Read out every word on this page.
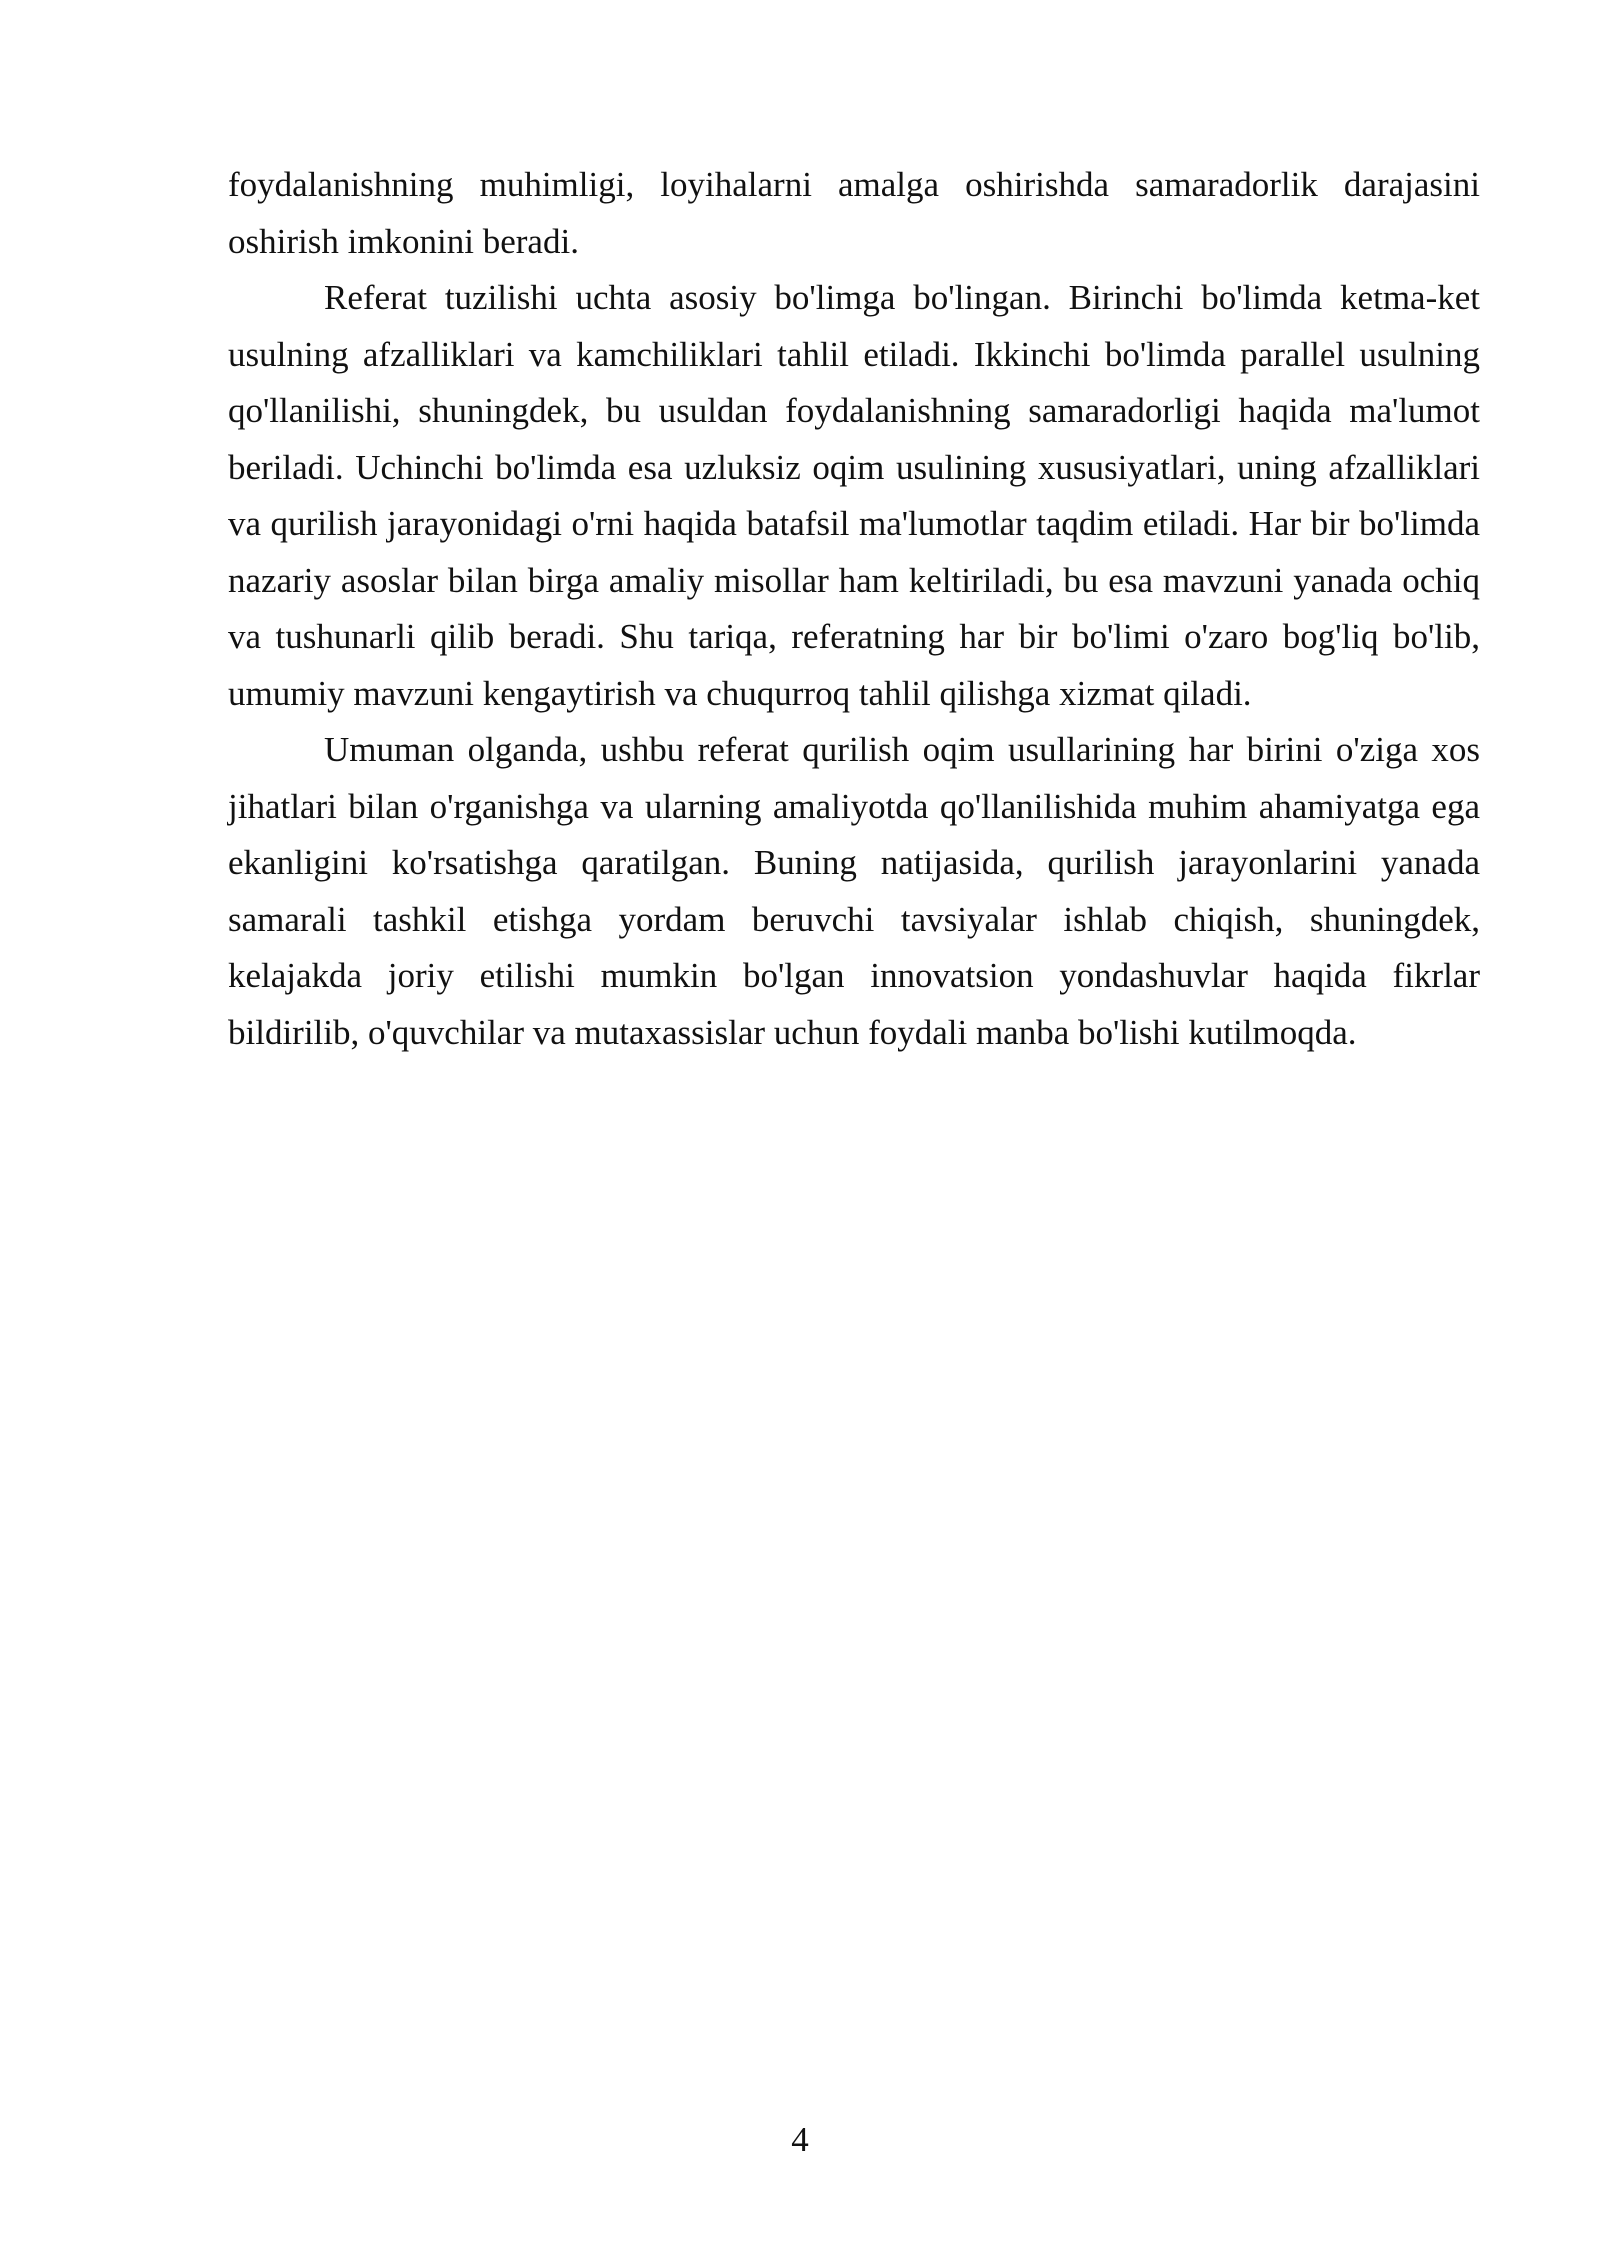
foydalanishning muhimligi, loyihalarni amalga oshirishda samaradorlik darajasini oshirish imkonini beradi.

Referat tuzilishi uchta asosiy bo'limga bo'lingan. Birinchi bo'limda ketma-ket usulning afzalliklari va kamchiliklari tahlil etiladi. Ikkinchi bo'limda parallel usulning qo'llanilishi, shuningdek, bu usuldan foydalanishning samaradorligi haqida ma'lumot beriladi. Uchinchi bo'limda esa uzluksiz oqim usulining xususiyatlari, uning afzalliklari va qurilish jarayonidagi o'rni haqida batafsil ma'lumotlar taqdim etiladi. Har bir bo'limda nazariy asoslar bilan birga amaliy misollar ham keltiriladi, bu esa mavzuni yanada ochiq va tushunarli qilib beradi. Shu tariqa, referatning har bir bo'limi o'zaro bog'liq bo'lib, umumiy mavzuni kengaytirish va chuqurroq tahlil qilishga xizmat qiladi.

Umuman olganda, ushbu referat qurilish oqim usullarining har birini o'ziga xos jihatlari bilan o'rganishga va ularning amaliyotda qo'llanilishida muhim ahamiyatga ega ekanligini ko'rsatishga qaratilgan. Buning natijasida, qurilish jarayonlarini yanada samarali tashkil etishga yordam beruvchi tavsiyalar ishlab chiqish, shuningdek, kelajakda joriy etilishi mumkin bo'lgan innovatsion yondashuvlar haqida fikrlar bildirilib, o'quvchilar va mutaxassislar uchun foydali manba bo'lishi kutilmoqda.

4
